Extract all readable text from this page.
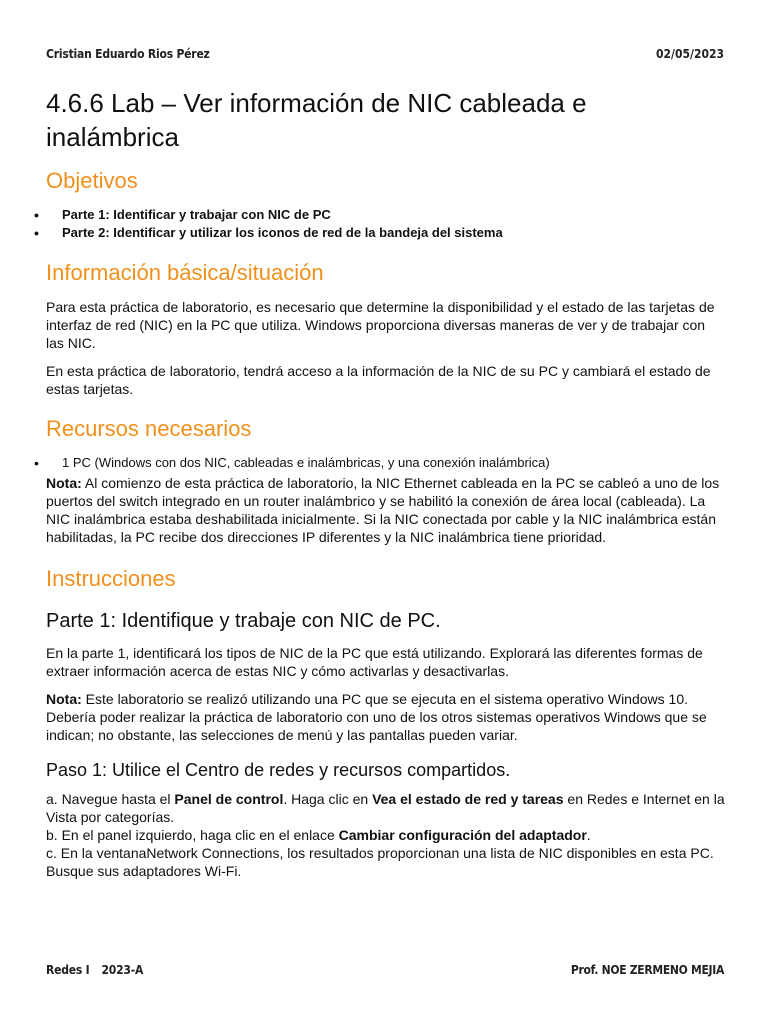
Cristian Eduardo Rios Pérez	02/05/2023
4.6.6 Lab – Ver información de NIC cableada e inalámbrica
Objetivos
• Parte 1: Identificar y trabajar con NIC de PC
• Parte 2: Identificar y utilizar los iconos de red de la bandeja del sistema
Información básica/situación

Para esta práctica de laboratorio, es necesario que determine la disponibilidad y el estado de las tarjetas de interfaz de red (NIC) en la PC que utiliza. Windows proporciona diversas maneras de ver y de trabajar con las NIC.

En esta práctica de laboratorio, tendrá acceso a la información de la NIC de su PC y cambiará el estado de estas tarjetas.

Recursos necesarios
• 1 PC (Windows con dos NIC, cableadas e inalámbricas, y una conexión inalámbrica)

Nota: Al comienzo de esta práctica de laboratorio, la NIC Ethernet cableada en la PC se cableó a uno de los puertos del switch integrado en un router inalámbrico y se habilitó la conexión de área local (cableada). La NIC inalámbrica estaba deshabilitada inicialmente. Si la NIC conectada por cable y la NIC inalámbrica están habilitadas, la PC recibe dos direcciones IP diferentes y la NIC inalámbrica tiene prioridad.

Instrucciones
Parte 1: Identifique y trabaje con NIC de PC.

En la parte 1, identificará los tipos de NIC de la PC que está utilizando. Explorará las diferentes formas de extraer información acerca de estas NIC y cómo activarlas y desactivarlas.

Nota: Este laboratorio se realizó utilizando una PC que se ejecuta en el sistema operativo Windows 10. Debería poder realizar la práctica de laboratorio con uno de los otros sistemas operativos Windows que se indican; no obstante, las selecciones de menú y las pantallas pueden variar.

Paso 1: Utilice el Centro de redes y recursos compartidos.

a. Navegue hasta el Panel de control. Haga clic en Vea el estado de red y tareas en Redes e Internet en la Vista por categorías.

b. En el panel izquierdo, haga clic en el enlace Cambiar configuración del adaptador.

c. En la ventanaNetwork Connections, los resultados proporcionan una lista de NIC disponibles en esta PC. Busque sus adaptadores Wi-Fi.

Redes I 2023-A	Prof. NOE ZERMENO MEJIA
